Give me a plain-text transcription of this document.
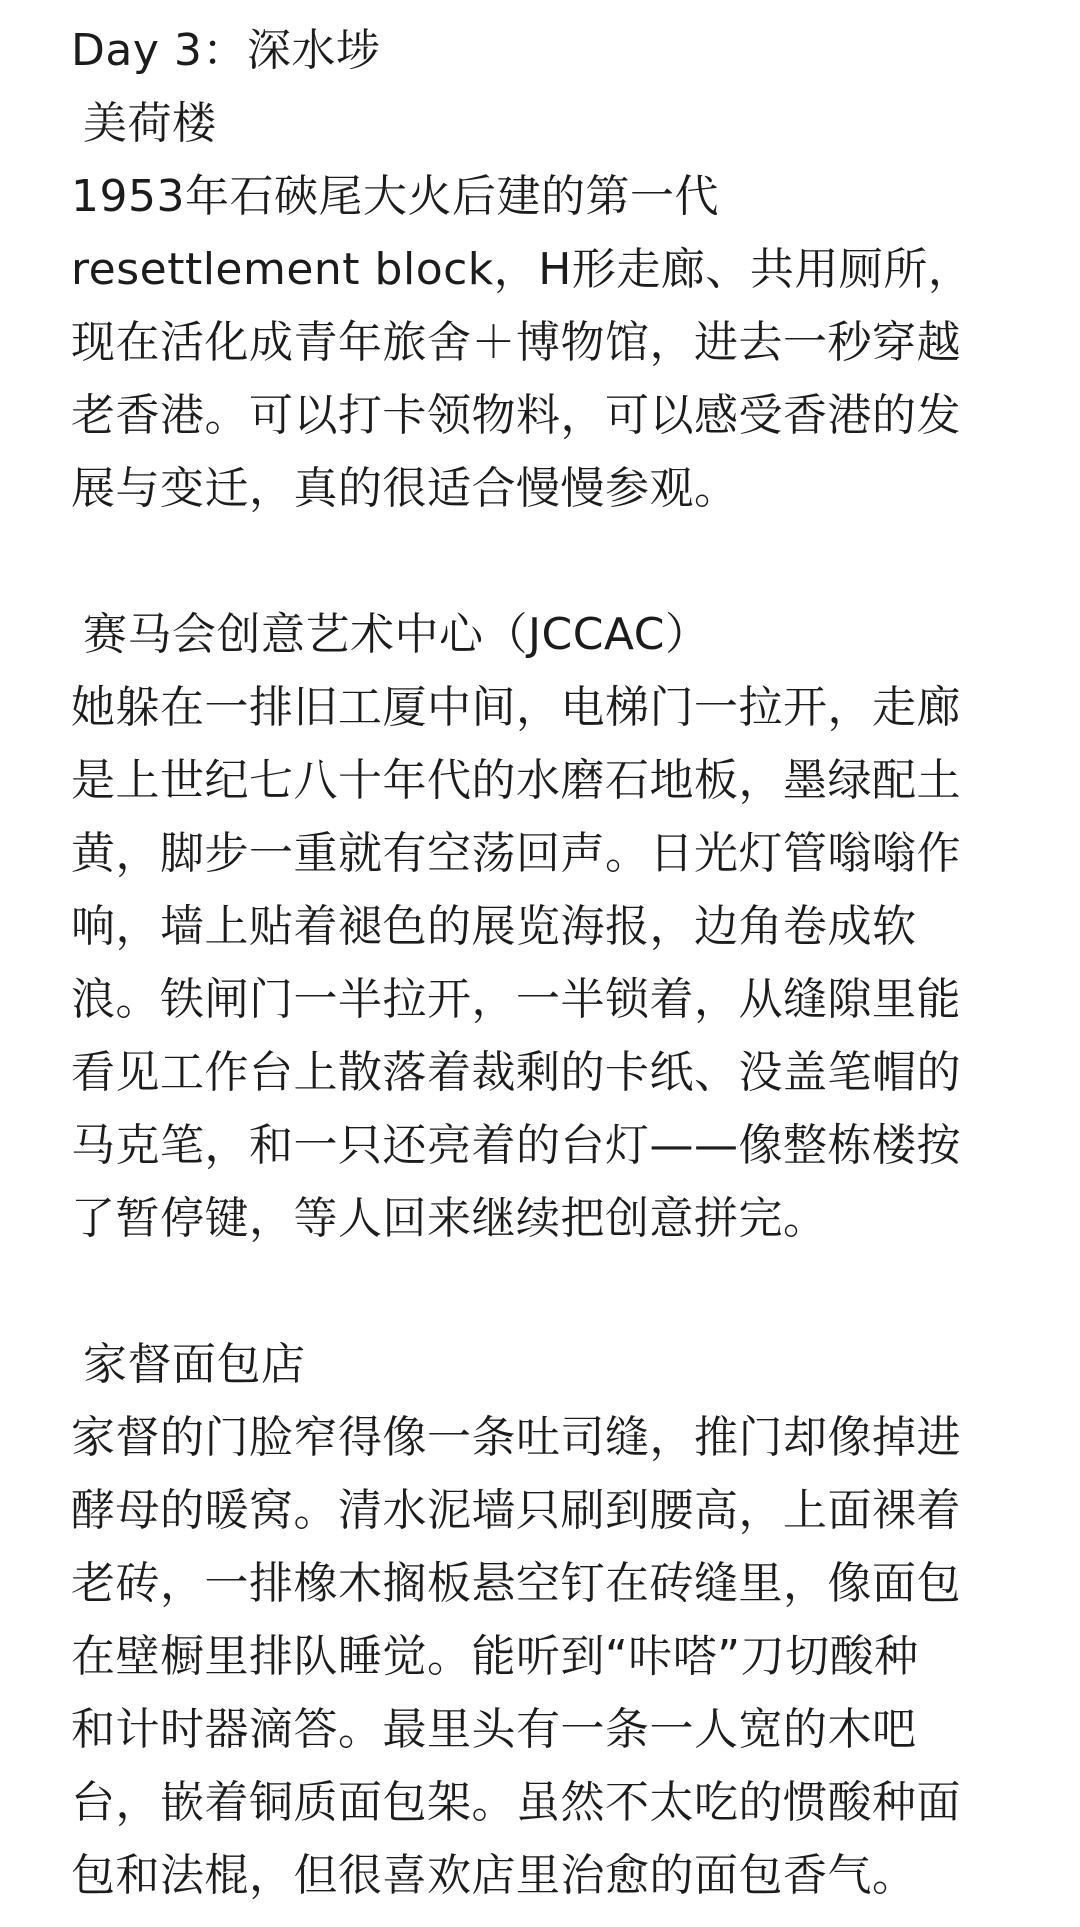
Day 3：深水埗
美荷楼
1953年石硤尾大火后建的第一代
resettlement block，H形走廊、共用厕所，
现在活化成青年旅舍＋博物馆，进去一秒穿越
老香港。可以打卡领物料，可以感受香港的发
展与变迁，真的很适合慢慢参观。
赛马会创意艺术中心（JCCAC）
她躲在一排旧工厦中间，电梯门一拉开，走廊
是上世纪七八十年代的水磨石地板，墨绿配土
黄，脚步一重就有空荡回声。日光灯管嗡嗡作
响，墙上贴着褪色的展览海报，边角卷成软
浪。铁闸门一半拉开，一半锁着，从缝隙里能
看见工作台上散落着裁剩的卡纸、没盖笔帽的
马克笔，和一只还亮着的台灯——像整栋楼按
了暂停键，等人回来继续把创意拼完。
家督面包店
家督的门脸窄得像一条吐司缝，推门却像掉进
酵母的暖窝。清水泥墙只刷到腰高，上面裸着
老砖，一排橡木搁板悬空钉在砖缝里，像面包
在壁橱里排队睡觉。能听到“咔嗒”刀切酸种
和计时器滴答。最里头有一条一人宽的木吧
台，嵌着铜质面包架。虽然不太吃的惯酸种面
包和法棍，但很喜欢店里治愈的面包香气。
